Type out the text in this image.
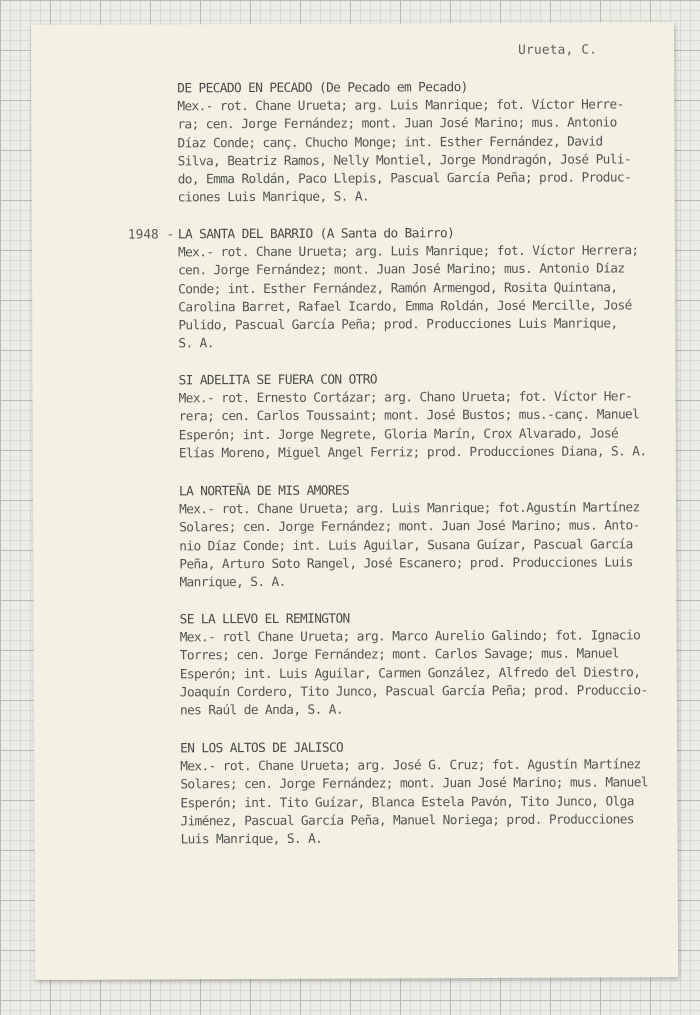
Urueta, C.
DE PECADO EN PECADO (De Pecado em Pecado)
Mex.- rot. Chane Urueta; arg. Luis Manrique; fot. Víctor Herre-
ra; cen. Jorge Fernández; mont. Juan José Marino; mus. Antonio
Díaz Conde; canç. Chucho Monge; int. Esther Fernández, David
Silva, Beatriz Ramos, Nelly Montiel, Jorge Mondragón, José Puli-
do, Emma Roldán, Paco Llepis, Pascual García Peña; prod. Produc-
ciones Luis Manrique, S. A.
1948 - LA SANTA DEL BARRIO (A Santa do Bairro)
Mex.- rot. Chane Urueta; arg. Luis Manrique; fot. Víctor Herrera;
cen. Jorge Fernández; mont. Juan José Marino; mus. Antonio Díaz
Conde; int. Esther Fernández, Ramón Armengod, Rosita Quintana,
Carolina Barret, Rafael Icardo, Emma Roldán, José Mercille, José
Pulido, Pascual García Peña; prod. Producciones Luis Manrique,
S. A.
SI ADELITA SE FUERA CON OTRO
Mex.- rot. Ernesto Cortázar; arg. Chano Urueta; fot. Víctor Her-
rera; cen. Carlos Toussaint; mont. José Bustos; mus.-canç. Manuel
Esperón; int. Jorge Negrete, Gloria Marín, Crox Alvarado, José
Elías Moreno, Miguel Angel Ferriz; prod. Producciones Diana, S. A.
LA NORTEÑA DE MIS AMORES
Mex.- rot. Chane Urueta; arg. Luis Manrique; fot.Agustín Martínez
Solares; cen. Jorge Fernández; mont. Juan José Marino; mus. Anto-
nio Díaz Conde; int. Luis Aguilar, Susana Guízar, Pascual García
Peña, Arturo Soto Rangel, José Escanero; prod. Producciones Luis
Manrique, S. A.
SE LA LLEVO EL REMINGTON
Mex.- rotl Chane Urueta; arg. Marco Aurelio Galindo; fot. Ignacio
Torres; cen. Jorge Fernández; mont. Carlos Savage; mus. Manuel
Esperón; int. Luis Aguilar, Carmen González, Alfredo del Diestro,
Joaquín Cordero, Tito Junco, Pascual García Peña; prod. Produccio-
nes Raúl de Anda, S. A.
EN LOS ALTOS DE JALISCO
Mex.- rot. Chane Urueta; arg. José G. Cruz; fot. Agustín Martínez
Solares; cen. Jorge Fernández; mont. Juan José Marino; mus. Manuel
Esperón; int. Tito Guízar, Blanca Estela Pavón, Tito Junco, Olga
Jiménez, Pascual García Peña, Manuel Noriega; prod. Producciones
Luis Manrique, S. A.
